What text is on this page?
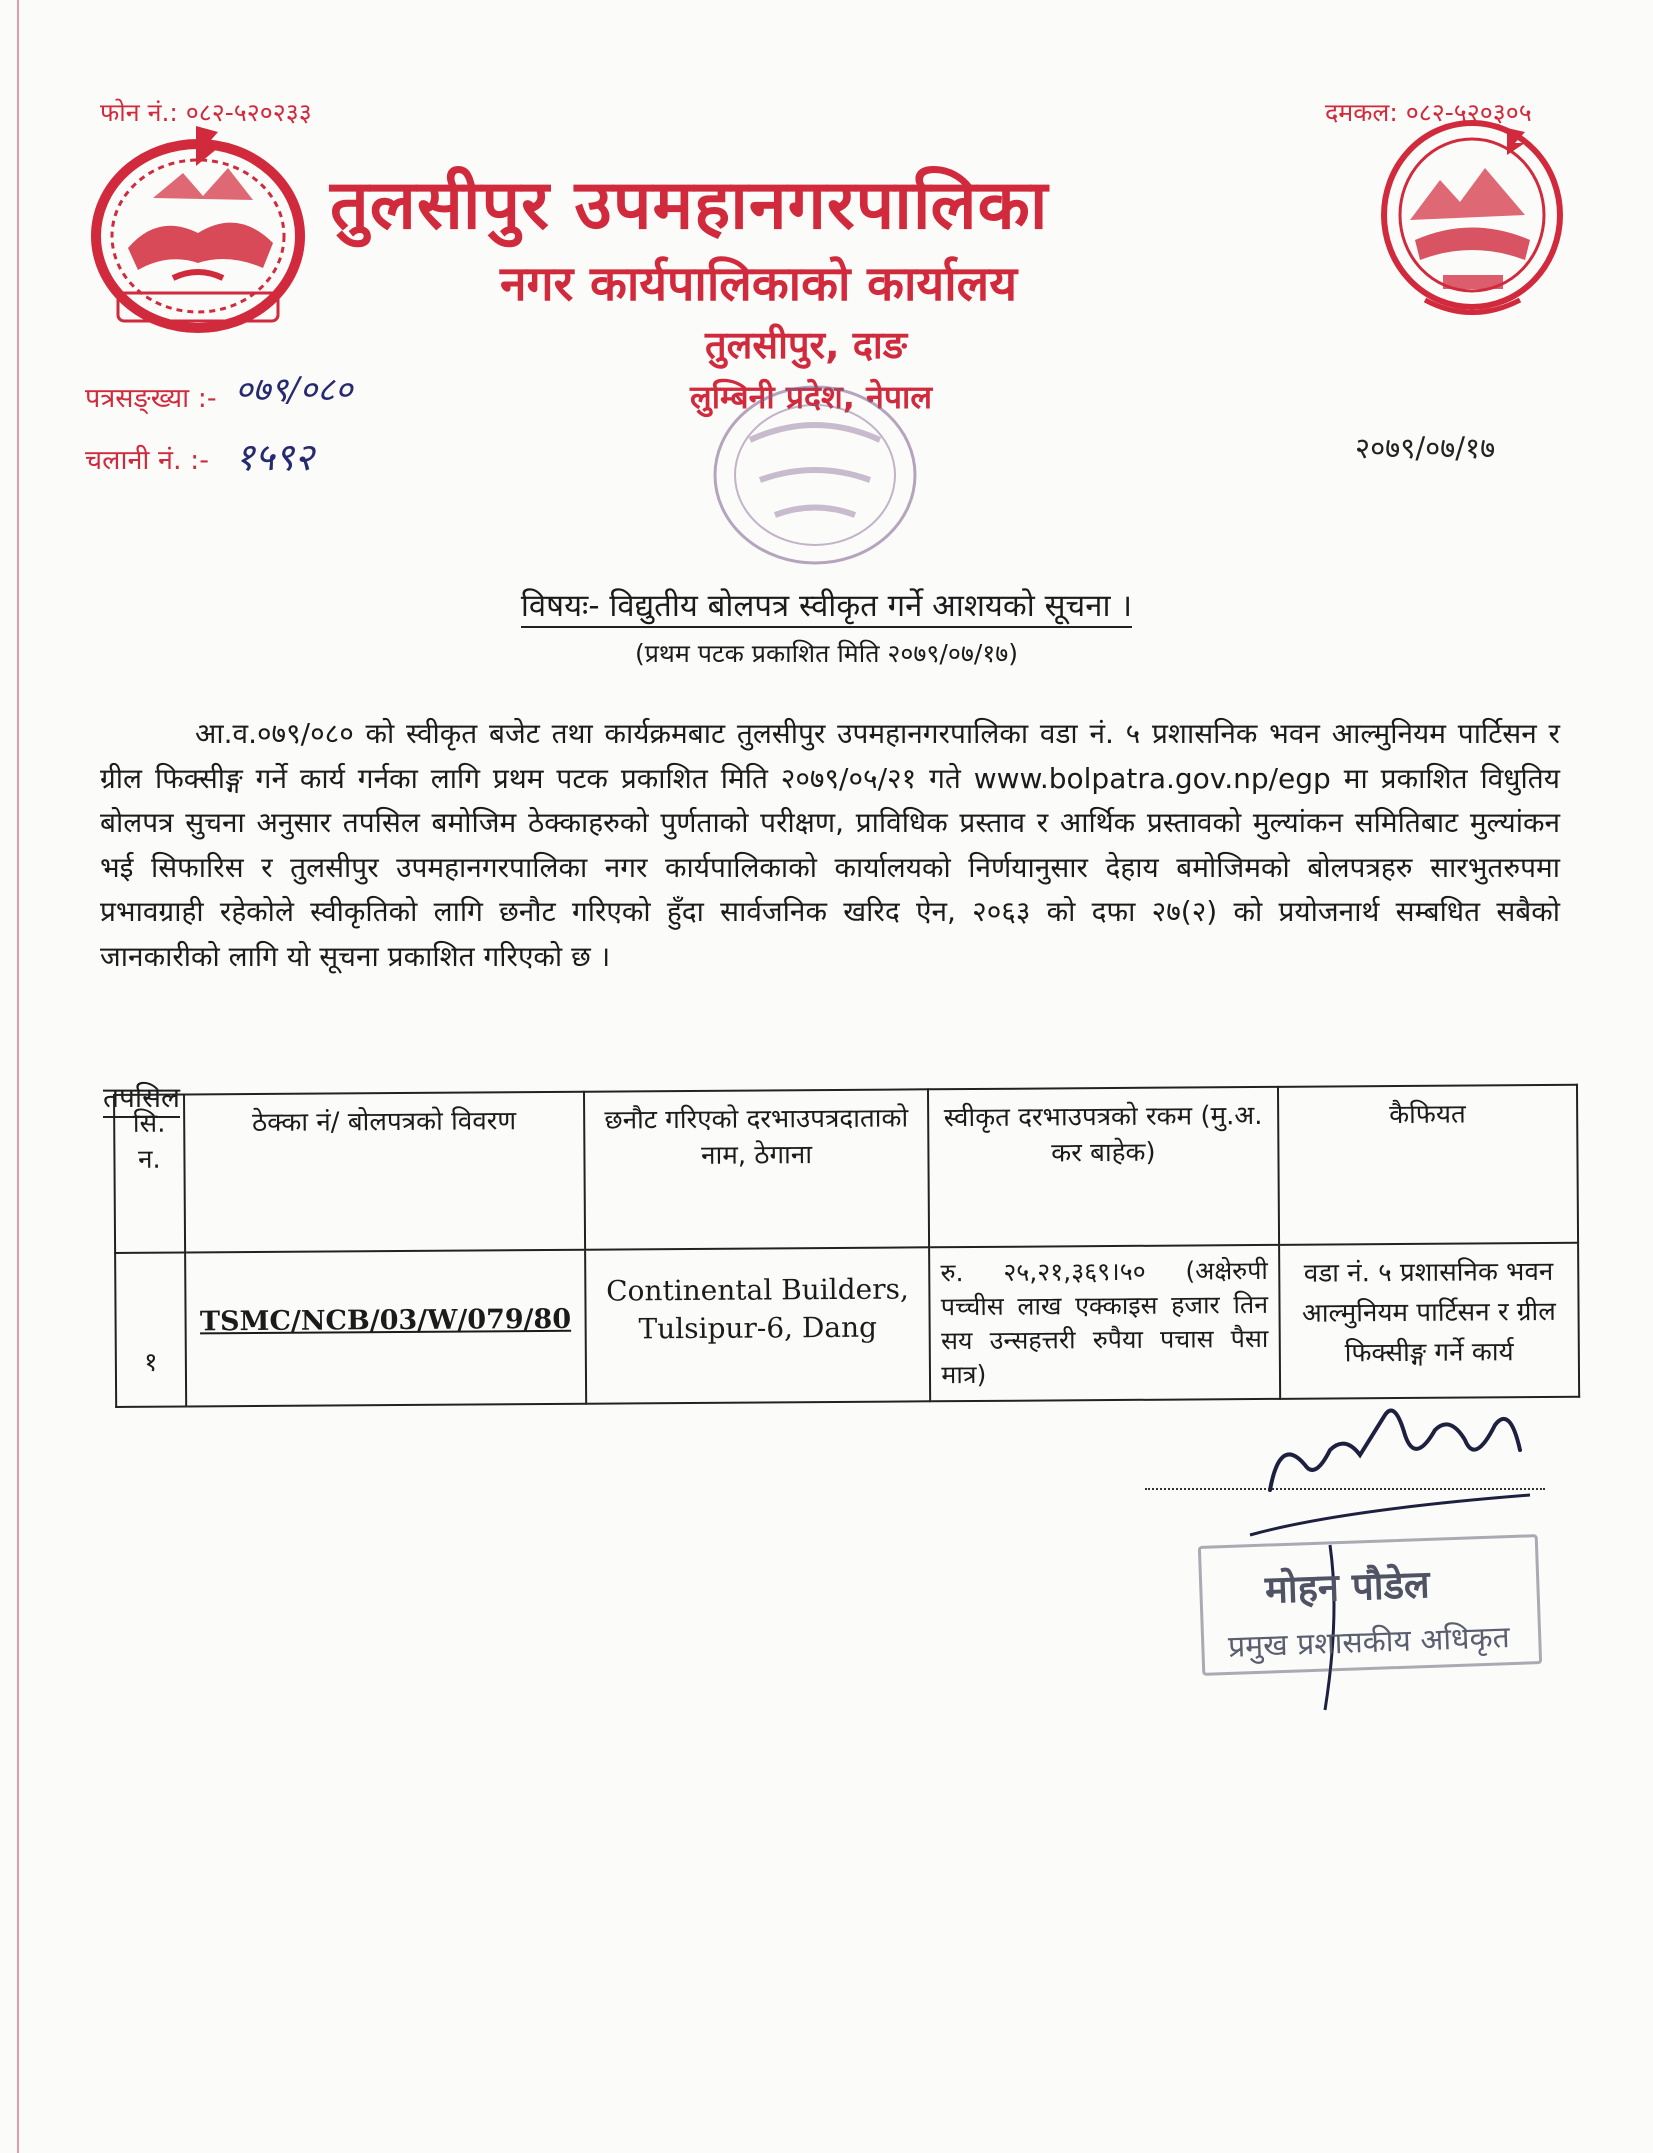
फोन नं.: ०८२-५२०२३३	दमकल: ०८२-५२०३०५
तुलसीपुर उपमहानगरपालिका
नगर कार्यपालिकाको कार्यालय
तुलसीपुर, दाङ
लुम्बिनी प्रदेश, नेपाल
पत्रसङ्ख्या :- ०७९/०८०
चलानी नं. :- १५९२	२०७९/०७/१७
विषयः- विद्युतीय बोलपत्र स्वीकृत गर्ने आशयको सूचना ।
(प्रथम पटक प्रकाशित मिति २०७९/०७/१७)

आ.व.०७९/०८० को स्वीकृत बजेट तथा कार्यक्रमबाट तुलसीपुर उपमहानगरपालिका वडा नं. ५ प्रशासनिक भवन आल्मुनियम पार्टिसन र ग्रील फिक्सीङ्ग गर्ने कार्य गर्नका लागि प्रथम पटक प्रकाशित मिति २०७९/०५/२१ गते www.bolpatra.gov.np/egp मा प्रकाशित विधुतिय बोलपत्र सुचना अनुसार तपसिल बमोजिम ठेक्काहरुको पुर्णताको परीक्षण, प्राविधिक प्रस्ताव र आर्थिक प्रस्तावको मुल्यांकन समितिबाट मुल्यांकन भई सिफारिस र तुलसीपुर उपमहानगरपालिका नगर कार्यपालिकाको कार्यालयको निर्णयानुसार देहाय बमोजिमको बोलपत्रहरु सारभुतरुपमा प्रभावग्राही रहेकोले स्वीकृतिको लागि छनौट गरिएको हुँदा सार्वजनिक खरिद ऐन, २०६३ को दफा २७(२) को प्रयोजनार्थ सम्बधित सबैको जानकारीको लागि यो सूचना प्रकाशित गरिएको छ ।

तपसिल
सि. न.	ठेक्का नं/ बोलपत्रको विवरण	छनौट गरिएको दरभाउपत्रदाताको नाम, ठेगाना	स्वीकृत दरभाउपत्रको रकम (मु.अ. कर बाहेक)	कैफियत
१	TSMC/NCB/03/W/079/80	Continental Builders, Tulsipur-6, Dang	रु. २५,२१,३६९।५० (अक्षेरुपी पच्चीस लाख एक्काइस हजार तिन सय उन्सहत्तरी रुपैया पचास पैसा मात्र)	वडा नं. ५ प्रशासनिक भवन आल्मुनियम पार्टिसन र ग्रील फिक्सीङ्ग गर्ने कार्य
मोहन पौडेल
प्रमुख प्रशासकीय अधिकृत
